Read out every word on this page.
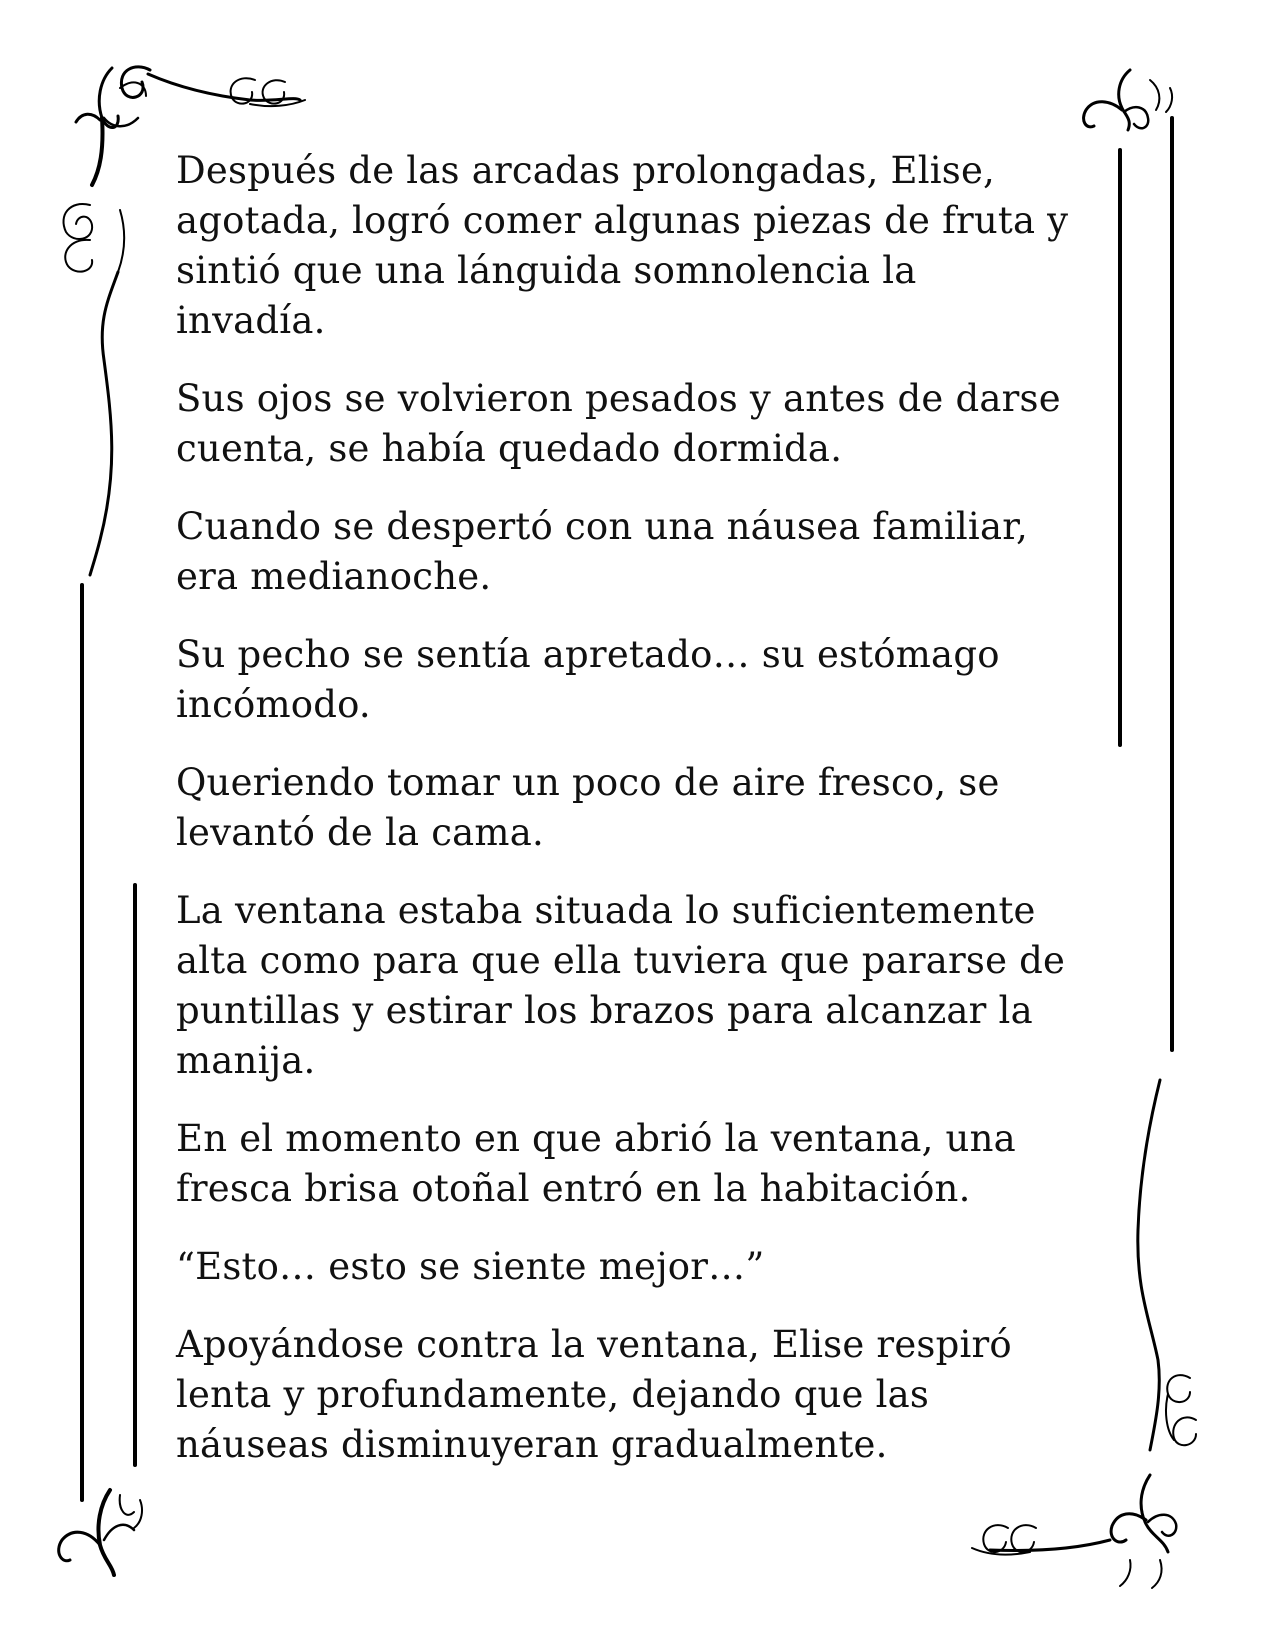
Después de las arcadas prolongadas, Elise,
agotada, logró comer algunas piezas de fruta y
sintió que una lánguida somnolencia la
invadía.

Sus ojos se volvieron pesados y antes de darse
cuenta, se había quedado dormida.

Cuando se despertó con una náusea familiar,
era medianoche.

Su pecho se sentía apretado… su estómago
incómodo.

Queriendo tomar un poco de aire fresco, se
levantó de la cama.

La ventana estaba situada lo suficientemente
alta como para que ella tuviera que pararse de
puntillas y estirar los brazos para alcanzar la
manija.

En el momento en que abrió la ventana, una
fresca brisa otoñal entró en la habitación.

“Esto… esto se siente mejor…”

Apoyándose contra la ventana, Elise respiró
lenta y profundamente, dejando que las
náuseas disminuyeran gradualmente.
